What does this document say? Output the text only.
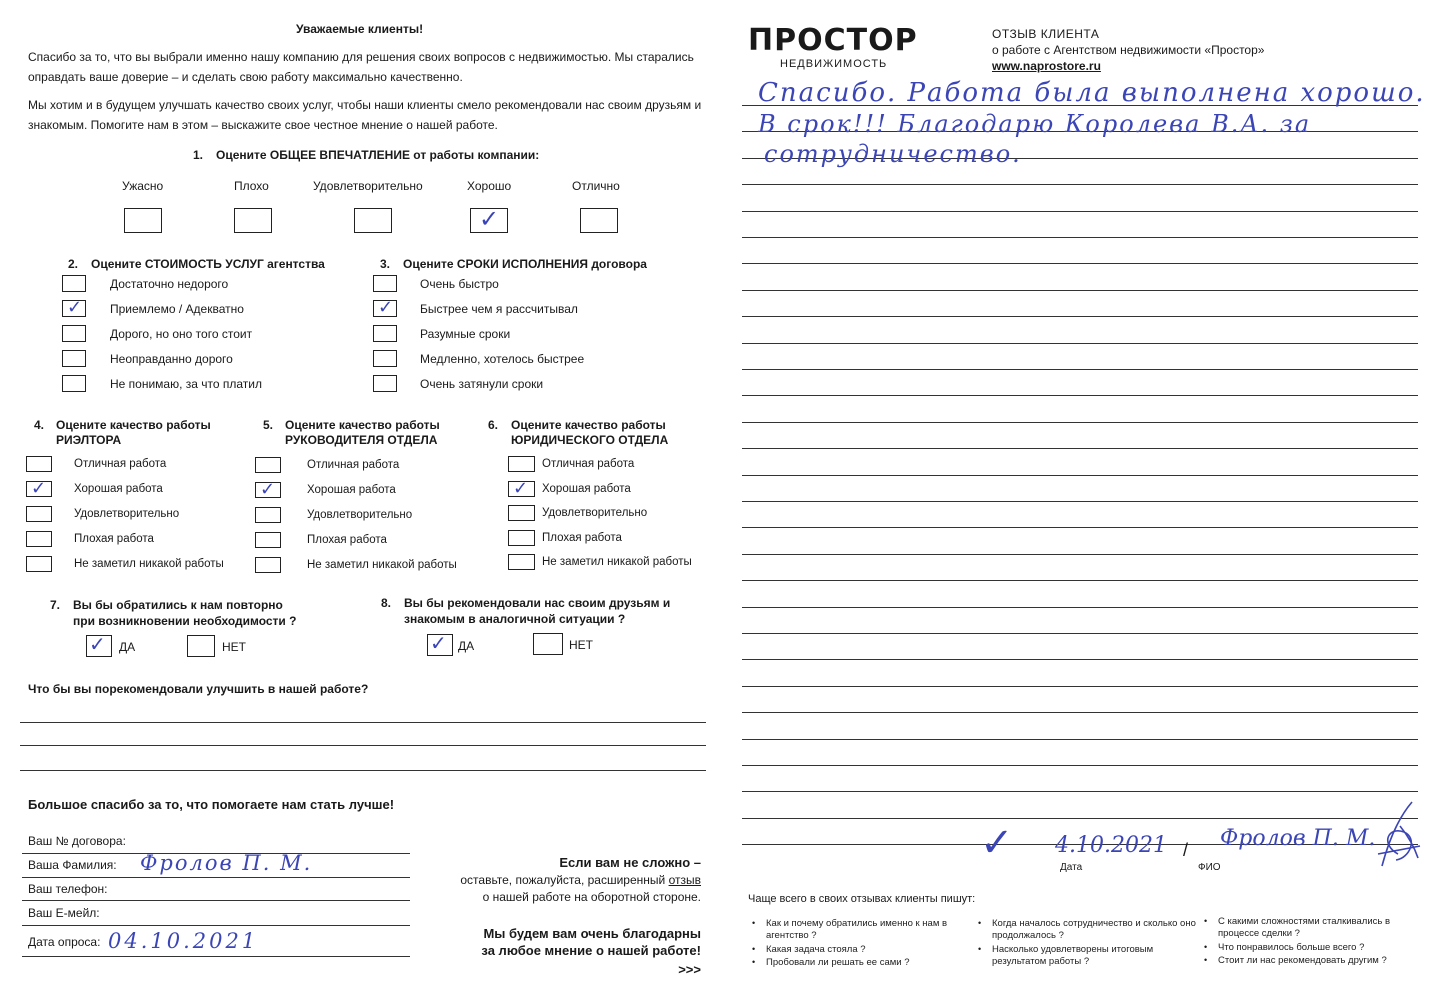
Уважаемые клиенты!
Спасибо за то, что вы выбрали именно нашу компанию для решения своих вопросов с недвижимостью. Мы старались
оправдать ваше доверие – и сделать свою работу максимально качественно.
Мы хотим и в будущем улучшать качество своих услуг, чтобы наши клиенты смело рекомендовали нас своим друзьям и
знакомым. Помогите нам в этом – выскажите свое честное мнение о нашей работе.
1. Оцените ОБЩЕЕ ВПЕЧАТЛЕНИЕ от работы компании:
Ужасно	Плохо	Удовлетворительно	Хорошо
✓
Отлично
2. Оцените СТОИМОСТЬ УСЛУГ агентства
Достаточно недорого
Приемлемо / Адекватно
✓
Дорого, но оно того стоит
Неоправданно дорого
Не понимаю, за что платил
3. Оцените СРОКИ ИСПОЛНЕНИЯ договора
Очень быстро
Быстрее чем я рассчитывал
✓
Разумные сроки
Медленно, хотелось быстрее
Очень затянули сроки
4. Оцените качество работы
РИЭЛТОРА
Отличная работа
Хорошая работа
✓
Удовлетворительно
Плохая работа
Не заметил никакой работы
5. Оцените качество работы
РУКОВОДИТЕЛЯ ОТДЕЛА
Отличная работа
Хорошая работа
✓
Удовлетворительно
Плохая работа
Не заметил никакой работы
6. Оцените качество работы
ЮРИДИЧЕСКОГО ОТДЕЛА
Отличная работа
Хорошая работа
✓
Удовлетворительно
Плохая работа
Не заметил никакой работы
7. Вы бы обратились к нам повторно
при возникновении необходимости ?
✓ ДА	НЕТ
8. Вы бы рекомендовали нас своим друзьям и
знакомым в аналогичной ситуации ?
✓ ДА	НЕТ
Что бы вы порекомендовали улучшить в нашей работе?
Большое спасибо за то, что помогаете нам стать лучше!
Ваш № договора:
Ваша Фамилия: Фролов П. М.
Ваш телефон:
Ваш E-мейл:
Дата опроса: 04.10.2021
Если вам не сложно –
оставьте, пожалуйста, расширенный отзыв
о нашей работе на оборотной стороне.
Мы будем вам очень благодарны
за любое мнение о нашей работе!
>>>
ПРОСТОР
НЕДВИЖИМОСТЬ
ОТЗЫВ КЛИЕНТА
о работе с Агентством недвижимости «Простор»
www.naprostore.ru
Спасибо. Работа была выполнена хорошо.
В срок!!! Благодарю Королева В.А. за
сотрудничество.
✓ 4.10.2021
Дата
/ Фролов П. М.
ФИО
Чаще всего в своих отзывах клиенты пишут:
• Как и почему обратились именно к нам в агентство ?
• Какая задача стояла ?
• Пробовали ли решать ее сами ?
• Когда началось сотрудничество и сколько оно продолжалось ?
• Насколько удовлетворены итоговым результатом работы ?
• С какими сложностями сталкивались в процессе сделки ?
• Что понравилось больше всего ?
• Стоит ли нас рекомендовать другим ?
